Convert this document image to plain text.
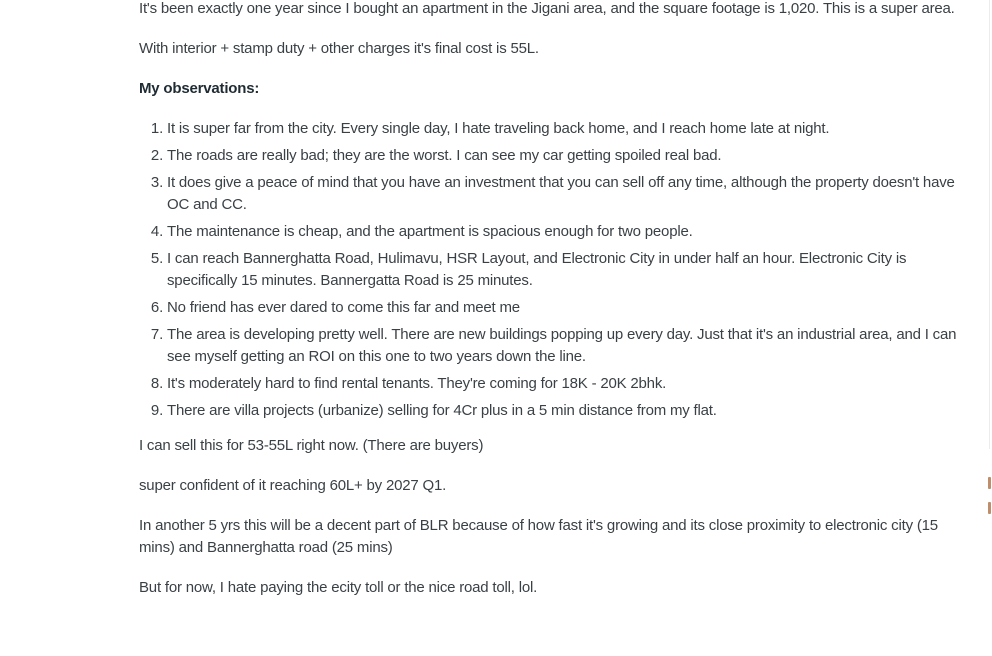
It's been exactly one year since I bought an apartment in the Jigani area, and the square footage is 1,020. This is a super area.

With interior + stamp duty + other charges it's final cost is 55L.

My observations:

1. It is super far from the city. Every single day, I hate traveling back home, and I reach home late at night.
2. The roads are really bad; they are the worst. I can see my car getting spoiled real bad.
3. It does give a peace of mind that you have an investment that you can sell off any time, although the property doesn't have OC and CC.
4. The maintenance is cheap, and the apartment is spacious enough for two people.
5. I can reach Bannerghatta Road, Hulimavu, HSR Layout, and Electronic City in under half an hour. Electronic City is specifically 15 minutes. Bannergatta Road is 25 minutes.
6. No friend has ever dared to come this far and meet me
7. The area is developing pretty well. There are new buildings popping up every day. Just that it's an industrial area, and I can see myself getting an ROI on this one to two years down the line.
8. It's moderately hard to find rental tenants. They're coming for 18K - 20K 2bhk.
9. There are villa projects (urbanize) selling for 4Cr plus in a 5 min distance from my flat.

I can sell this for 53-55L right now. (There are buyers)

super confident of it reaching 60L+ by 2027 Q1.

In another 5 yrs this will be a decent part of BLR because of how fast it's growing and its close proximity to electronic city (15 mins) and Bannerghatta road (25 mins)

But for now, I hate paying the ecity toll or the nice road toll, lol.
